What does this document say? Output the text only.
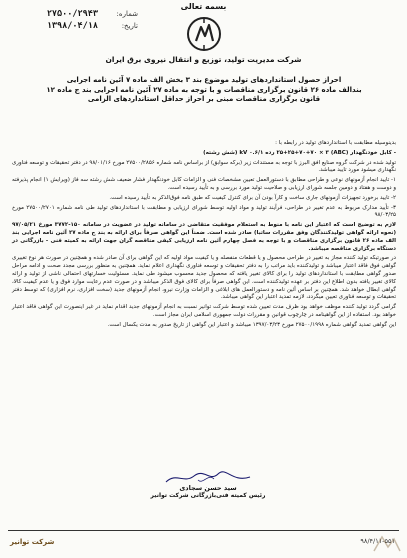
بسمه تعالی
شماره:
۲۷۵۰۰/۲۹۴۳
تاریخ:
۱۳۹۸/۰۴/۱۸
شرکت مدیریت تولید، توزیع و انتقال نیروی برق ایران
احراز حصول استانداردهای تولید موضوع بند ۳ بخش الف ماده ۷ آئین نامه اجرایی
بندالف ماده ۲۶ قانون برگزاری مناقصات و با توجه به ماده ۲۷ آئین نامه اجرایی بند ج ماده ۱۲
قانون برگزاری مناقصات مبنی بر احراز حداقل استانداردهای الزامی

بدینوسیله مطابقت با استانداردهای تولید در رابطه با :

- کابل خودنگهدار (ABC) ۲۵+۲۵+۷۰+۷۰ × ۳ رده ۰.۶/۱ kV (شش رشته)

تولید شده در شرکت گروه صنایع افق البرز با توجه به مستندات زیر (برکه سوابق) از براساس نامه شماره ۲۷۵۰۰/۲۸۵۶ مورخ ۹۸/۰۱/۱۶ در دفتر تحقیقات و توسعه فناوری نگهداری میشود مورد تایید میباشد.

۱- تایید انجام آزمونهای نوعی و طراحی مطابق با دستورالعمل تعیین مشخصات فنی و الزامات کابل خودنگهدار فشار ضعیف شش رشته سه فاز (ویرایش ۱) انجام پذیرفته و دوست و هفتاد و دومین جلسه شورای ارزیابی و صلاحیت تولید مورد بررسی و به تأیید رسیده است.

۲- تایید برخورد تجهیزات آزمونهای جاری ساخت و کارآ بودن آن برای کنترل کیفیت که طبق نامه فوق‌الذکر به تأیید رسیده است.

۳- تأیید مدارک مربوط به عدم تغییر در طراحی، فرآیند تولید و مواد اولیه توسط شورای ارزیابی و مطابقت با استانداردهای تولید طی نامه شماره ۲۷۵۰۰/۲۷۰۱ مورخ ۹۸/۰۳/۲۵

لازم به توضیح است که اعتبار این نامه با منوط به استعلام موفقیت متقاضی در سامانه تولید در عضویت در سامانه ۱۵۰-۳۷۷۲ مورخ ۹۷/۰۵/۲۱ (نحوه ارائه گواهی تولیدکنندگان وفق مقررات ساتبا) صادر شده است. ضمناً این گواهی صرفاً برای ارائه به بند ج ماده ۲۷ آئین نامه اجرایی بند الف ماده ۲۶ قانون برگزاری مناقصات و با توجه به فصل چهارم آئین نامه ارزیابی کیفی مناقصه گران جهت ارائه به کمیته فنی - بازرگانی در دستگاه برگزاری مناقصه میباشد.

در صورتیکه تولید کننده مجاز به تغییر در طراحی محصول و یا قطعات منفصله و یا کیفیت مواد اولیه که این گواهی برای آن صادر شده و همچنین در صورت هر نوع تغییری گواهی فوق فاقد اعتبار میباشد و تولیدکننده باید مراتب را به دفتر تحقیقات و توسعه فناوری نگهداری اعلام نماید. همچنین به منظور بررسی مجدد صحت و ادامه مراحل صدور گواهی مطابقت با استانداردهای تولید را برای کالای تغییر یافته که محصول جدید محسوب میشود طی نماید. مسئولیت خسارتهای احتمالی ناشی از تولید و ارائه کالای تغییر یافته بدون اطلاع این دفتر بر عهده تولیدکننده است. این گواهی صرفاً برای کالای فوق الذکر میباشد و در صورت عدم رعایت موارد فوق و یا عدم کیفیت کالا، گواهی ابطال خواهد شد. همچنین بر اساس آئین نامه و دستورالعمل های ابلاغی و الزامات وزارت نیرو، انجام آزمونهای جدید (سخت افزاری، نرم افزاری) که توسط دفتر تحقیقات و توسعه فناوری تعیین میگردد، لازمه تمدید اعتبار این گواهی میباشد.

گرامی گردد تولید کننده موظف خواهد بود ظرف مدت تعیین شده توسط شرکت توانیر نسبت به انجام آزمونهای جدید اقدام نماید در غیر اینصورت این گواهی فاقد اعتبار خواهد بود. استفاده از این گواهینامه در چارچوب قوانین و مقررات دولت جمهوری اسلامی ایران مجاز است.

این گواهی تمدید گواهی شماره ۲۷۵۰۰/۱۹۹۸ مورخ ۱۳۹۷/۰۳/۲۳ میباشد و اعتبار این گواهی از تاریخ صدور به مدت یکسال است.

سید حسن سجادی
رئیس کمیته فنی‌بازرگانی شرکت توانیر
شرکت توانیر	۹۸/۴/۱۱-۵۵۱
